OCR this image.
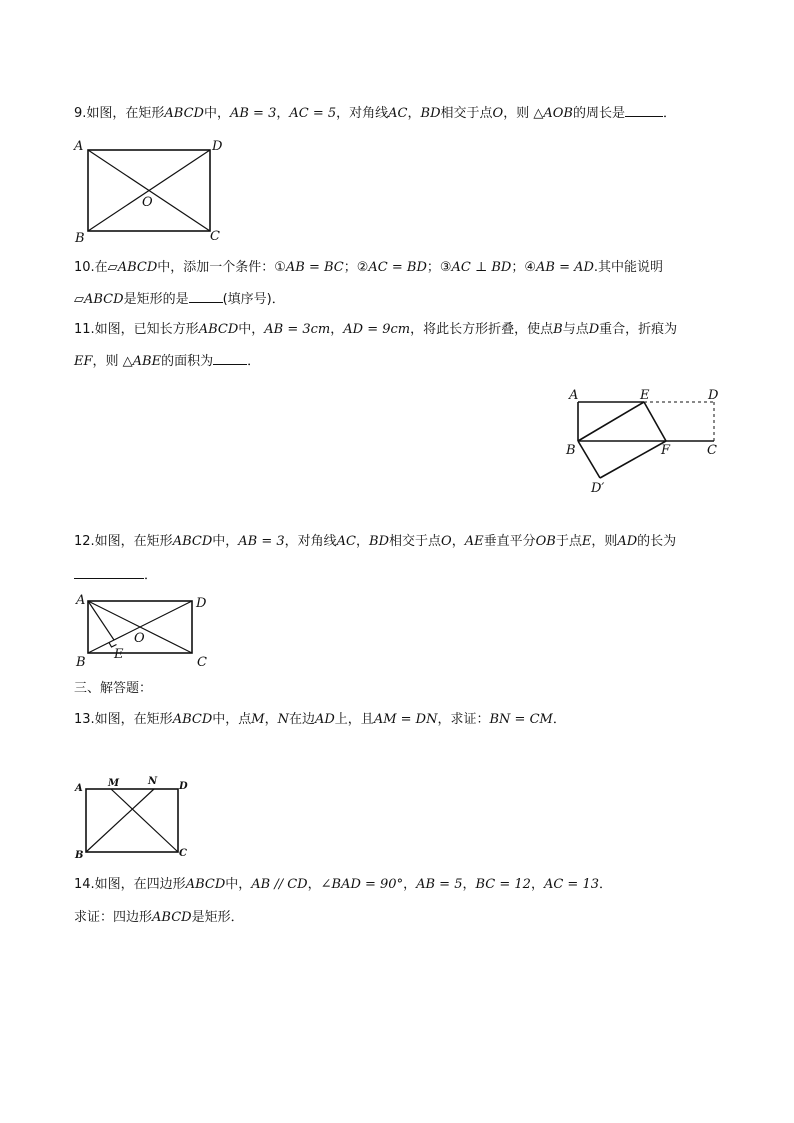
9.如图，在矩形ABCD中，AB = 3，AC = 5，对角线AC，BD相交于点O，则 △AOB的周长是	．
A	D
B	C
O
10.在▱ABCD中，添加一个条件：①AB = BC；②AC = BD；③AC ⊥ BD；④AB = AD.其中能说明
▱ABCD是矩形的是	(填序号)．
11.如图，已知长方形ABCD中，AB = 3cm，AD = 9cm，将此长方形折叠，使点B与点D重合，折痕为
EF，则 △ABE的面积为	．
A	E	D
B	F	C
D′
12.如图，在矩形ABCD中，AB = 3，对角线AC，BD相交于点O，AE垂直平分OB于点E，则AD的长为
．
A	D
B	C
E
O
三、解答题：
13.如图，在矩形ABCD中，点M，N在边AD上，且AM = DN，求证：BN = CM．
A	M	N D
B	C
14.如图，在四边形ABCD中，AB // CD，∠BAD = 90°，AB = 5，BC = 12，AC = 13．
求证：四边形ABCD是矩形．
